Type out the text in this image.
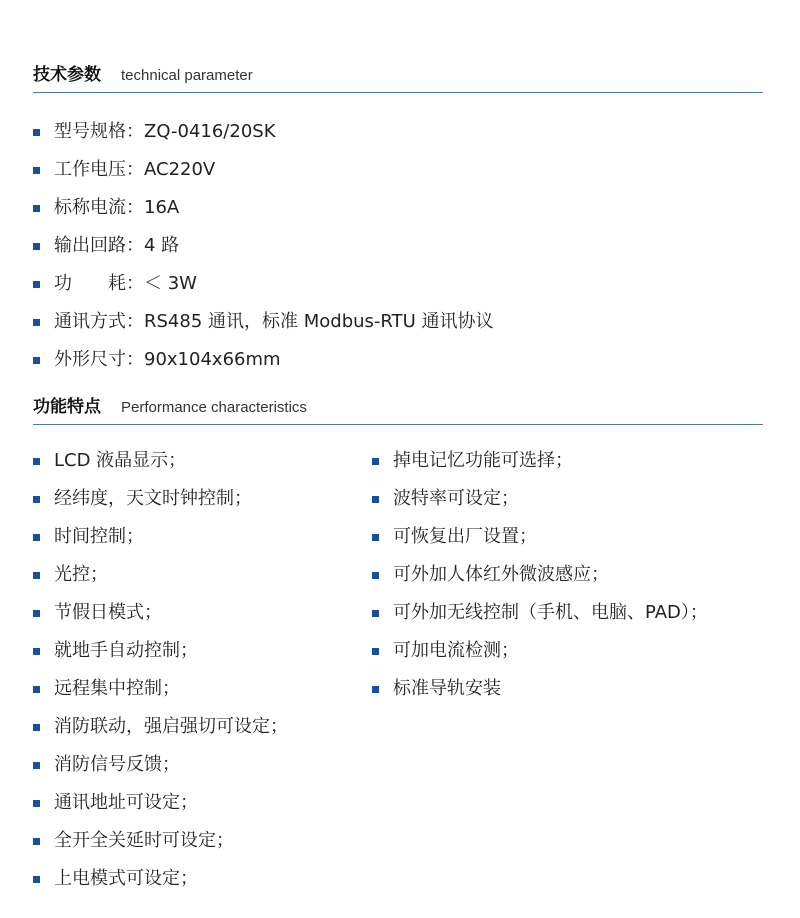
技术参数 technical parameter
型号规格：ZQ-0416/20SK
工作电压：AC220V
标称电流：16A
输出回路：4 路
功　　耗：＜ 3W
通讯方式：RS485 通讯，标准 Modbus-RTU 通讯协议
外形尺寸：90x104x66mm
功能特点 Performance characteristics
LCD 液晶显示；
经纬度，天文时钟控制；
时间控制；
光控；
节假日模式；
就地手自动控制；
远程集中控制；
消防联动，强启强切可设定；
消防信号反馈；
通讯地址可设定；
全开全关延时可设定；
上电模式可设定；
掉电记忆功能可选择；
波特率可设定；
可恢复出厂设置；
可外加人体红外微波感应；
可外加无线控制（手机、电脑、PAD）；
可加电流检测；
标准导轨安装
